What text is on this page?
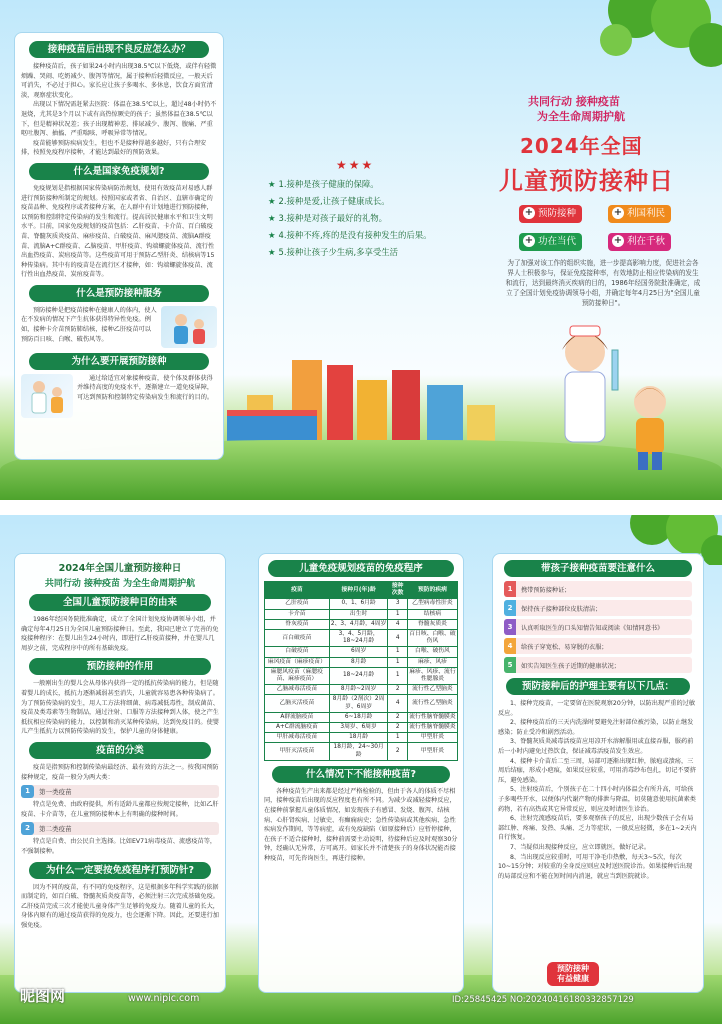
接种疫苗后出现不良反应怎么办？

接种疫苗后，孩子如果24小时内出现38.5℃以下低烧，或伴有轻微烦躁、哭闹、吃奶减少、腹泻等情况，属于接种后轻微反应，一般天后可消失，不必过于担心。家长应让孩子多喝水、多休息，饮食方面宜清淡，观察症状变化。

出现以下情况需赶紧去医院：体温在38.5℃以上，超过48小时仍不退烧，尤其是3个月以下或有高热惊厥史的孩子；虽然体温在38.5℃以下，但是精神状况差；孩子出现精神差、排尿减少、腹泻、腹痛、严重呕吐腹泻、抽搐、严重喘咳、呼吸异常等情况。

疫苗能够预防疾病发生，但也不是接种得越多越好，只有合理安排，按照免疫程序接种，才能达到最好的预防效果。

什么是国家免疫规划?

免疫规划是指根据国家传染病防治规划，使用有效疫苗对易感人群进行预防接种所制定的规划。按照国家或者省、自治区、直辖市确定的疫苗品种、免疫程序或者接种方案，在人群中有计划地进行预防接种，以预防和控制特定传染病的发生和流行。提高居民健康水平和卫生文明水平。目前，国家免疫规划的疫苗包括：乙肝疫苗、卡介苗、百白破疫苗、脊髓灰质炎疫苗、麻疹疫苗、白破疫苗、麻风腮疫苗、流脑A群疫苗、流脑A+C群疫苗、乙脑疫苗、甲肝疫苗、钩端螺旋体疫苗、流行性出血热疫苗、炭疽疫苗等。这些疫苗可用于预防乙型肝炎、结核病等15种传染病。其中有的疫苗是在流行区才接种，如：钩端螺旋体疫苗、流行性出血热疫苗、炭疽疫苗等。

什么是预防接种服务

预防接种是把疫苗接种在健康人的体内，使人在不发病的情况下产生抗体获得特异性免疫。例如，接种卡介苗预防肺结核，接种乙肝疫苗可以预防百日咳、白喉、破伤风等。

为什么要开展预防接种

通过给适宜对象接种疫苗，使个体及群体获得并维持高度的免疫水平，逐渐建立一道免疫屏障，可达到预防和控制特定传染病发生和流行的目的。

★★★
★ 1.接种是孩子健康的保障。
★ 2.接种是爱,让孩子健康成长。
★ 3.接种是对孩子最好的礼物。
★ 4.接种不疼,疼的是没有接种发生的后果。
★ 5.接种让孩子少生病,多享受生活
共同行动 接种疫苗
为全生命周期护航
2024年全国
儿童预防接种日
+ 预防接种	+ 利国利民
+ 功在当代	+ 利在千秋

为了加强对该工作的组织实施，进一步提高影响力度，促进社会各界人士积极参与，保证免疫接种率，有效地防止相应传染病的发生和流行，达到最终消灭疾病的目的，1986年经国务院批准确定，成立了全国计划免疫协调领导小组，并确定每年4月25日为"全国儿童预防接种日"。

2024年全国儿童预防接种日
共同行动 接种疫苗 为全生命周期护航
全国儿童预防接种日的由来

1986年经国务院批准确定，成立了全国计划免疫协调领导小组，并确定每年4月25日为全国儿童预防接种日。至此，我国已建立了完善的免疫接种程序：在婴儿出生24小时内，即进行乙肝疫苗接种，并在婴儿几周岁之前，完成程序中的所有基础免疫。

预防接种的作用

一般刚出生的婴儿会从母体内获得一定的抵抗传染病的能力，但是随着婴儿的成长，抵抗力逐渐减弱甚至消失，儿童就容易患各种传染病了。为了预防传染病的发生，用人工方法将细菌、病毒减低毒性，制成菌苗、疫苗及类毒素等生物制品，通过注射、口服等方法接种到人体，使之产生抵抗相应传染病的能力，以控制和消灭某种传染病，达到免疫目的。使婴儿产生抵抗力以预防传染病的发生，保护儿童的身体健康。

疫苗的分类

疫苗是指预防和控制传染病最经济、最有效的方法之一。按我国预防接种规定，疫苗一般分为两大类：

1	第一类疫苗

特点是免费、由政府提供，所有适龄儿童都应按规定接种，比如乙肝疫苗、卡介苗等，在儿童预防接种本上有明确的接种时间。

2	第二类疫苗

特点是自费、由公民自主选择。比如EV71病毒疫苗、流感疫苗等，不强制接种。

为什么一定要按免疫程序打预防针?

因为不同的疫苗，有不同的免疫程序，这是根据多年科学实践的依据而制定的，如百白破、脊髓灰质炎疫苗等，必须注射三次完成基础免疫。乙肝疫苗完成三次才能使儿童身体产生足够的免疫力。随着儿童的长大，身体内原有的通过疫苗获得的免疫力，也会逐渐下降。因此，还要进行加强免疫。

儿童免疫规划疫苗的免疫程序
疫苗	接种月(年)龄	接种次数	预防的疾病
乙肝疫苗	0、1、6月龄	3	乙型病毒性肝炎
卡介苗	出生时	1	结核病
脊灰疫苗	2、3、4月龄，4周岁	4	脊髓灰质炎
百白破疫苗	3、4、5月龄，18~24月龄	4	百日咳、白喉、破伤风
白破疫苗	6周岁	1	白喉、破伤风
麻风疫苗（麻疹疫苗）	8月龄	1	麻疹、风疹
麻腮风疫苗（麻腮疫苗、麻疹疫苗）	18~24月龄	1	麻疹、风疹、流行性腮腺炎
乙脑减毒活疫苗	8月龄~2周岁	2	流行性乙型脑炎
乙脑灭活疫苗	8月龄（2剂次）2周岁、6周岁	4	流行性乙型脑炎
A群流脑疫苗	6~18月龄	2	流行性脑脊髓膜炎
A+C群流脑疫苗	3周岁、6周岁	2	流行性脑脊髓膜炎
甲肝减毒活疫苗	18月龄	1	甲型肝炎
甲肝灭活疫苗	18月龄，24~30月龄	2	甲型肝炎
什么情况下不能接种疫苗?

各种疫苗生产出来都是经过严格检验的，但由于各人的体质不尽相同，接种疫苗后出现的反应程度也有所不同。为减少或减轻接种反应，在接种前掌握儿童体质情况，如发现孩子有感冒、发烧、腹泻、结核病、心肝肾疾病、过敏史、有癫痫病史；急性传染病或其他疾病、急性疾病发作期间，等等病症，或有免疫缺陷（如原接种后）应暂停接种，在孩子不适合接种时，接种前需要主动说明，待接种后应及时观察30分钟，经确认无异常，方可离开。如家长并不清楚孩子的身体状况能否接种疫苗，可先咨询医生，再进行接种。

带孩子接种疫苗要注意什么
1	携带预防接种证；
2	保持孩子接种部位皮肤清洁；
3	认真听取医生的口头知情告知或阅读《知情同意书》
4	给孩子穿宽松、易穿脱的衣服；
5	如实告知医生孩子近期的健康状况；
预防接种后的护理主要有以下几点：

1、接种完疫苗，一定要留在医院观察20分钟，以防出现严重的过敏反应。

2、接种疫苗后的三天内洗澡时要避免注射部位被污染，以防止继发感染；防止受冷和剧烈活动。

3、脊髓灰质炎减毒活疫苗应用凉开水溶解服用或直接吞服，服药前后一小时内避免过热饮食，保证减毒活疫苗发生效应。

4、接种卡介苗后二至三周，局部可逐渐出现红肿，脓疱或溃疡，三周后结痂，形成小疤痕，如果反应较重，可用消毒纱布包扎，切记不要挤压，避免感染。

5、注射疫苗后，个别孩子在二十四小时内体温会有所升高，可给孩子多喝些开水，以便体内代谢产物的排泄与降温，切莫随意使用抗菌素类药物，若有高热或其它异常反应，则应及时请医生诊治。

6、注射完流感疫苗后，要多观察孩子的反应，出现少数孩子会有局部红肿、疼痛、发热、头痛、乏力等症状，一般反应轻微，多在1~2天内自行恢复。

7、当疑似出现接种反应，应立即就医，做好记录。

8、当出现反应较重时，可用干净毛巾热敷，每天3~5次，每次10~15分钟；对较重的全身反应则应及时送医院诊治。如果接种后出现的局部反应和不能在短时间内消退，就应当到医院就诊。

预防接种 有益健康
昵图网	www.nipic.com	ID:25845425 NO:20240416180332857129
